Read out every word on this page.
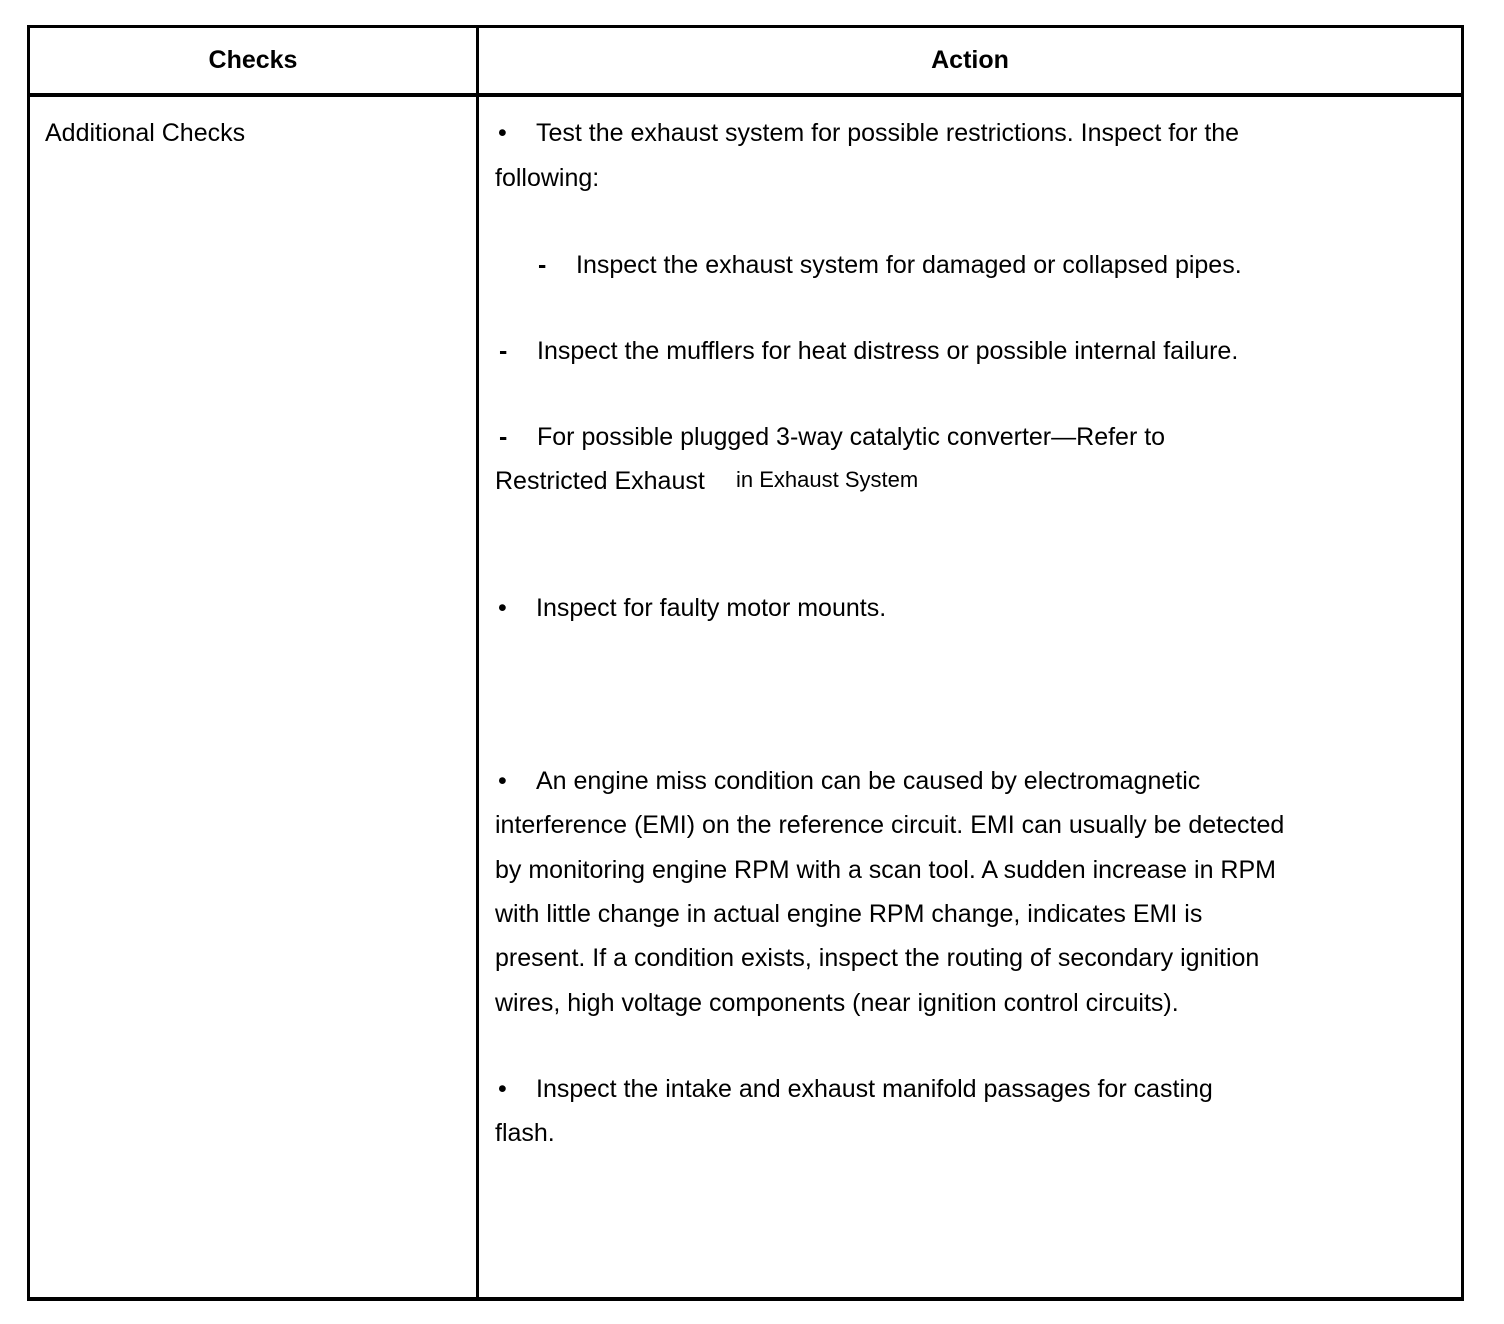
Checks	Action
Additional Checks	• Test the exhaust system for possible restrictions. Inspect for the
following:
- Inspect the exhaust system for damaged or collapsed pipes.
- Inspect the mufflers for heat distress or possible internal failure.
- For possible plugged 3-way catalytic converter—Refer to
Restricted Exhaust in Exhaust System
• Inspect for faulty motor mounts.
• An engine miss condition can be caused by electromagnetic
interference (EMI) on the reference circuit. EMI can usually be detected
by monitoring engine RPM with a scan tool. A sudden increase in RPM
with little change in actual engine RPM change, indicates EMI is
present. If a condition exists, inspect the routing of secondary ignition
wires, high voltage components (near ignition control circuits).
• Inspect the intake and exhaust manifold passages for casting
flash.
